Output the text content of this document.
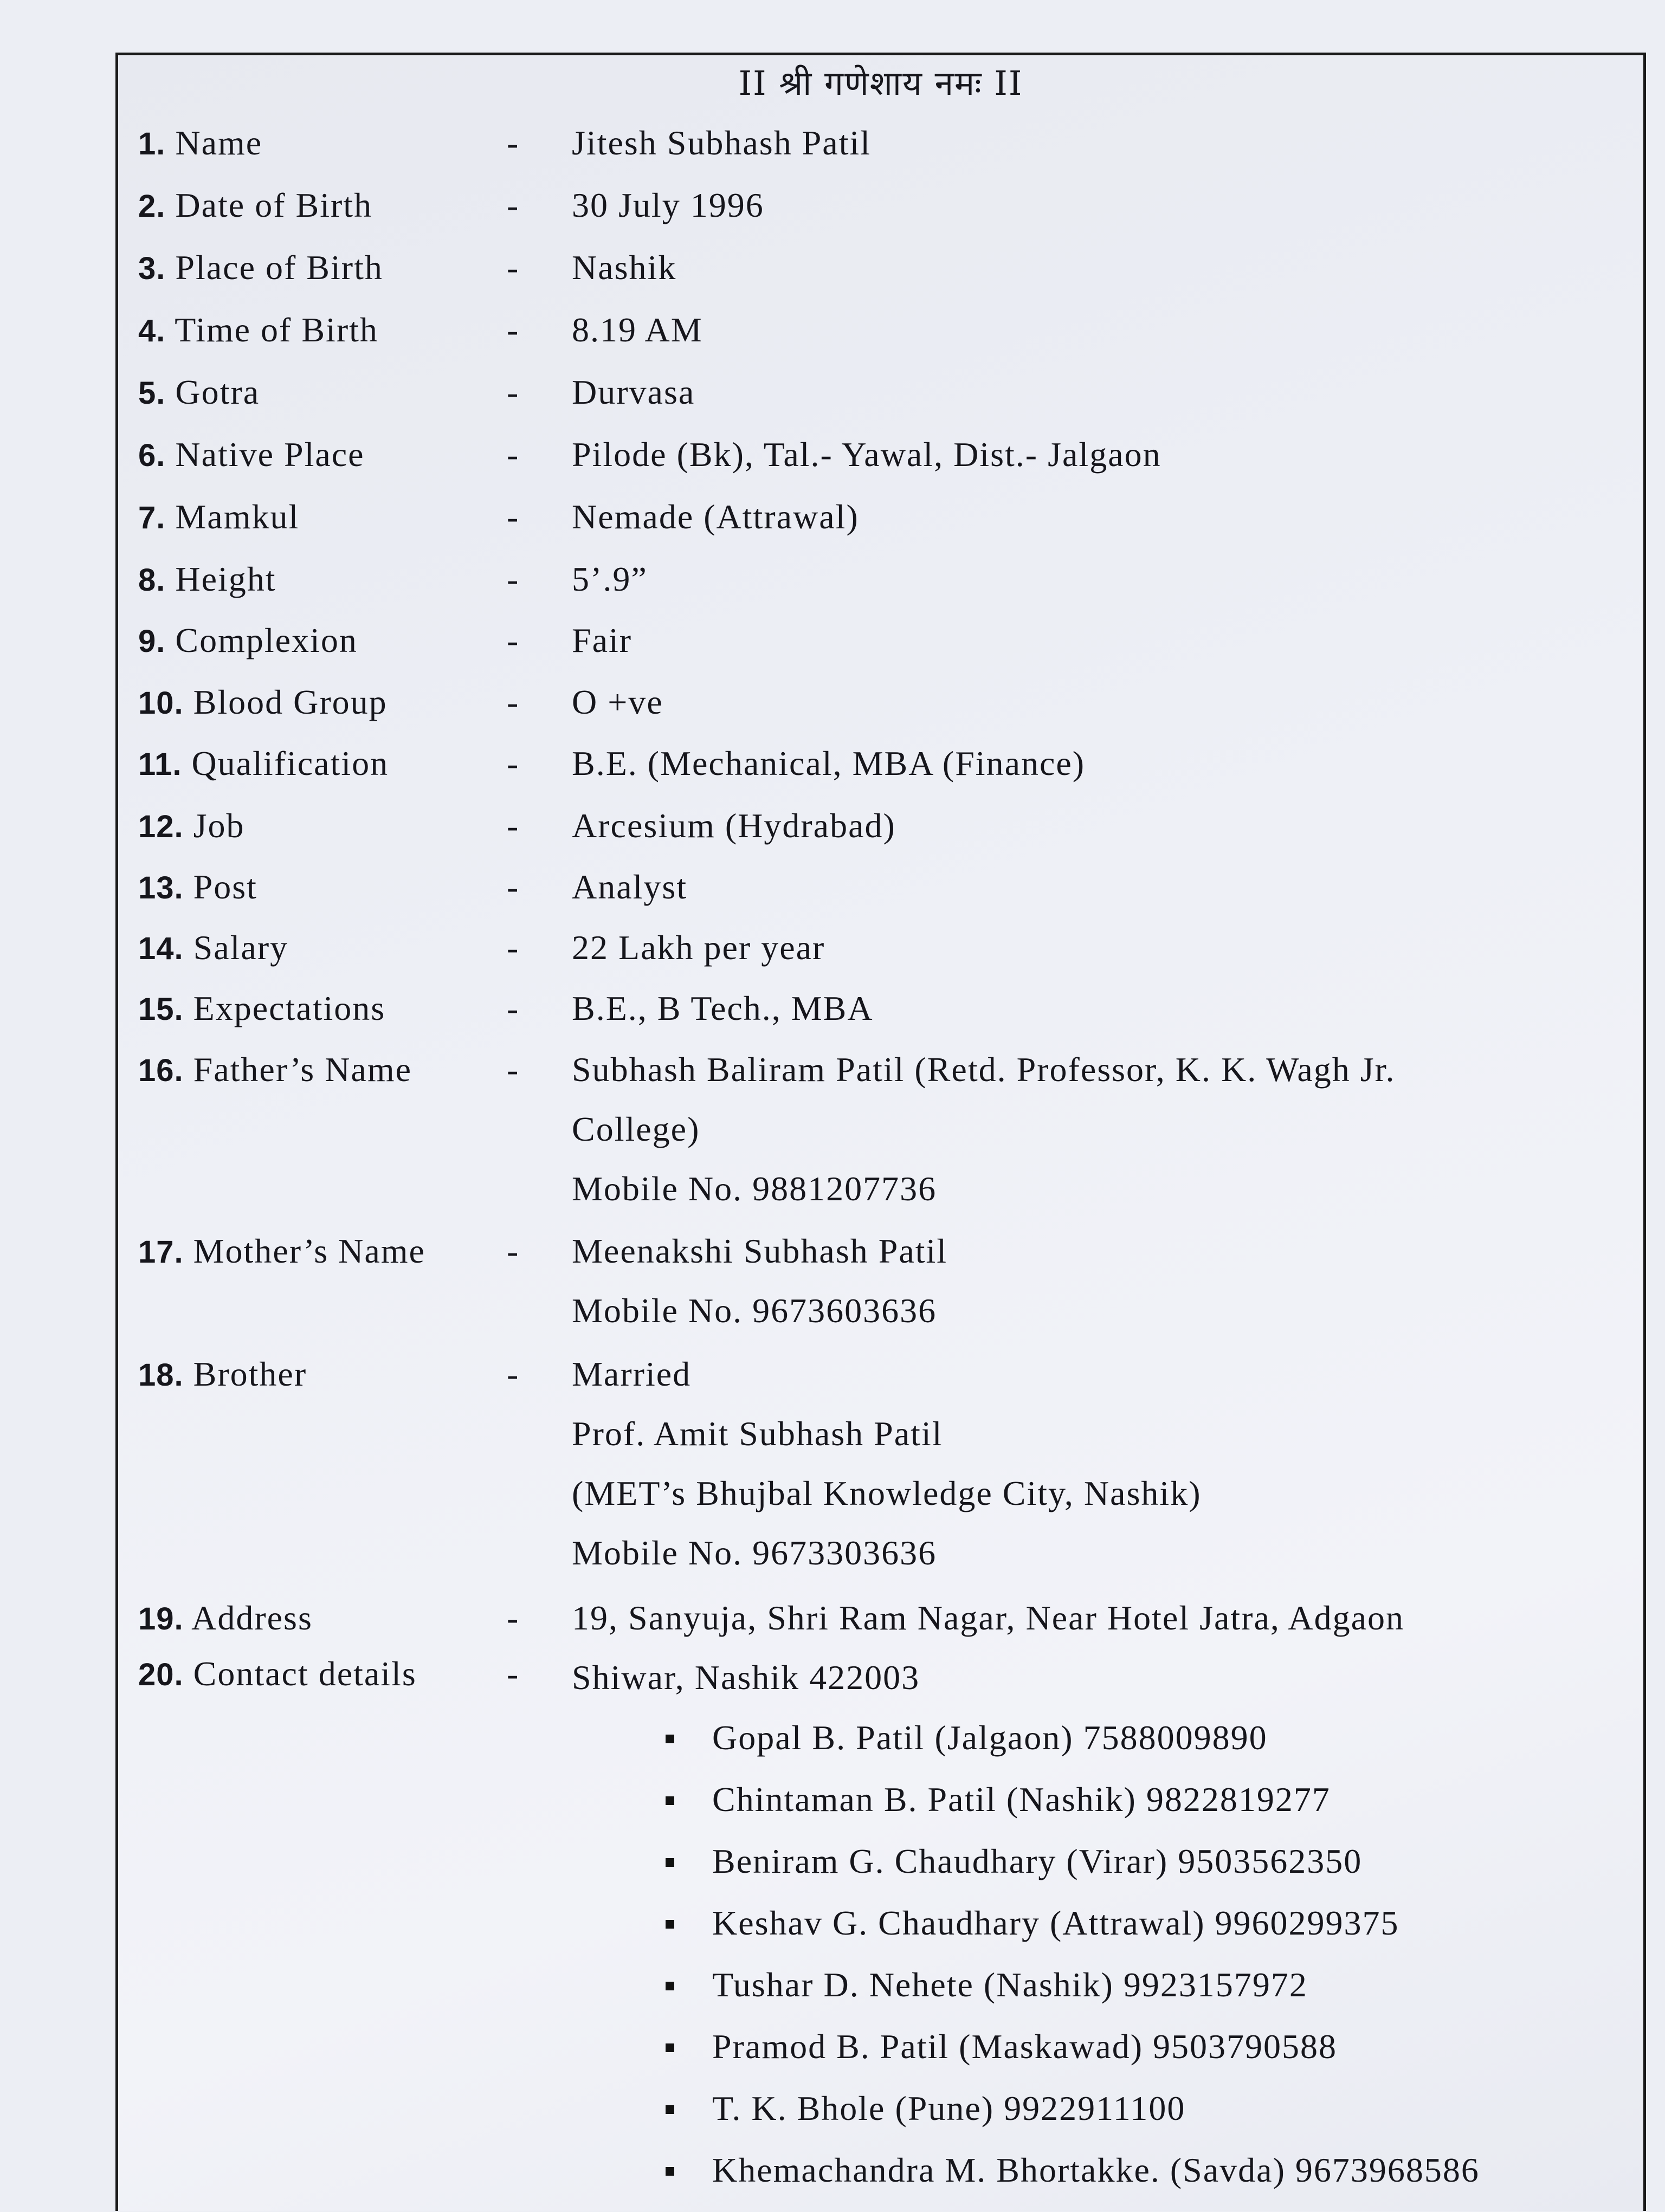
II श्री गणेशाय नमः II
1. Name	- Jitesh Subhash Patil
2. Date of Birth	- 30 July 1996
3. Place of Birth	- Nashik
4. Time of Birth	- 8.19 AM
5. Gotra	- Durvasa
6. Native Place	- Pilode (Bk), Tal.- Yawal, Dist.- Jalgaon
7. Mamkul	- Nemade (Attrawal)
8. Height	- 5’.9”
9. Complexion	- Fair
10. Blood Group	- O +ve
11. Qualification	- B.E. (Mechanical, MBA (Finance)
12. Job	- Arcesium (Hydrabad)
13. Post	- Analyst
14. Salary	- 22 Lakh per year
15. Expectations	- B.E., B Tech., MBA
16. Father’s Name	- Subhash Baliram Patil (Retd. Professor, K. K. Wagh Jr.
College)
Mobile No. 9881207736
17. Mother’s Name - Meenakshi Subhash Patil
Mobile No. 9673603636
18. Brother	- Married
Prof. Amit Subhash Patil
(MET’s Bhujbal Knowledge City, Nashik)
Mobile No. 9673303636
19. Address	- 19, Sanyuja, Shri Ram Nagar, Near Hotel Jatra, Adgaon
Shiwar, Nashik 422003
20. Contact details	-
Gopal B. Patil (Jalgaon) 7588009890
Chintaman B. Patil (Nashik) 9822819277
Beniram G. Chaudhary (Virar) 9503562350
Keshav G. Chaudhary (Attrawal) 9960299375
Tushar D. Nehete (Nashik) 9923157972
Pramod B. Patil (Maskawad) 9503790588
T. K. Bhole (Pune) 9922911100
Khemachandra M. Bhortakke. (Savda) 9673968586
